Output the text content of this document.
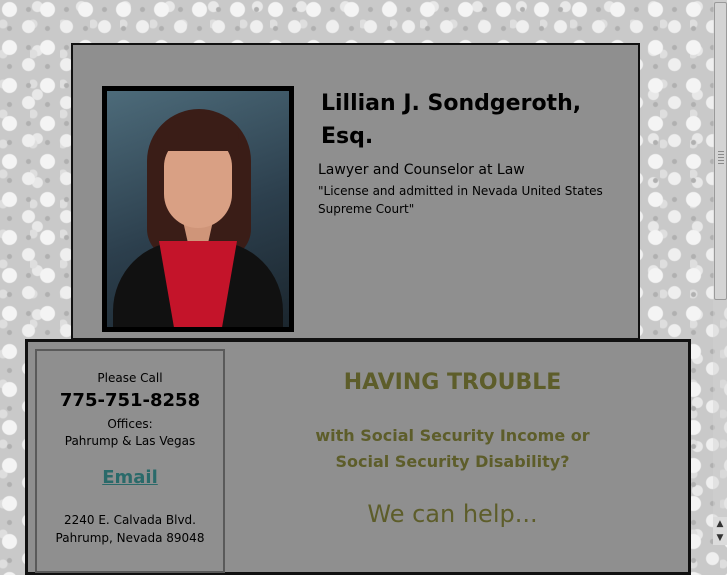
Lillian J. Sondgeroth, Esq.
Lawyer and Counselor at Law
"License and admitted in Nevada United States Supreme Court"
Please Call
775-751-8258
Offices:
Pahrump & Las Vegas
Email
2240 E. Calvada Blvd.
Pahrump, Nevada 89048
HAVING TROUBLE
with Social Security Income or
Social Security Disability?
We can help...	▲
▼
